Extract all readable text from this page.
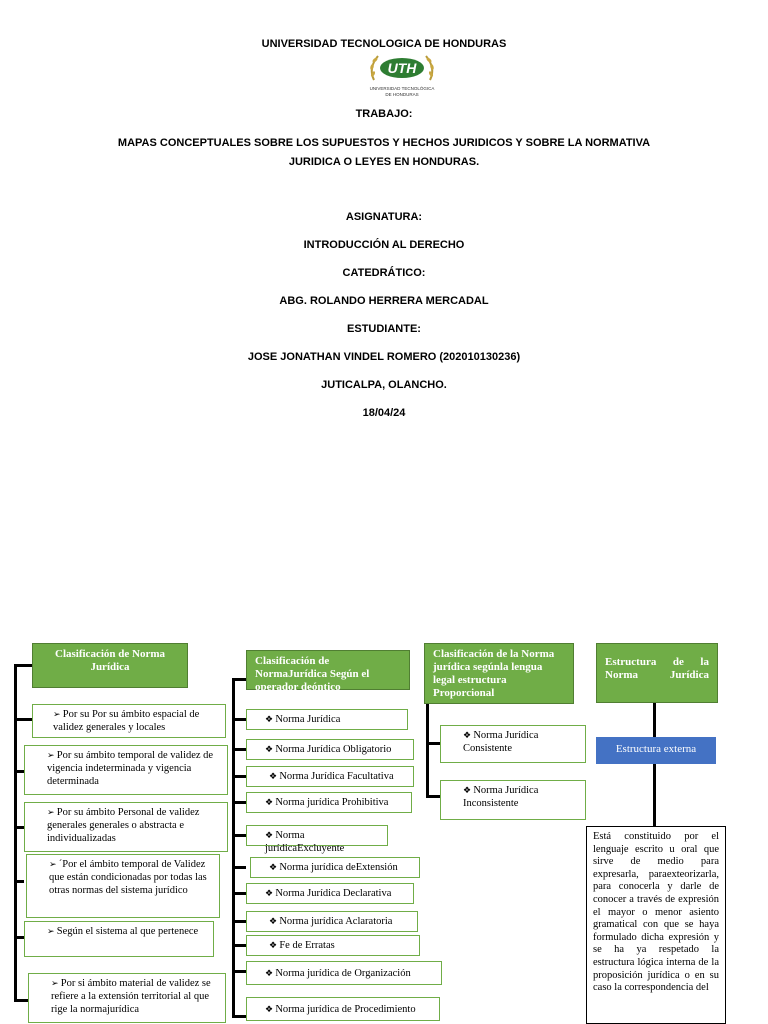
UNIVERSIDAD TECNOLOGICA DE HONDURAS
UTH
UNIVERSIDAD TECNOLÓGICA
DE HONDURAS
TRABAJO:
MAPAS CONCEPTUALES SOBRE LOS SUPUESTOS Y HECHOS JURIDICOS Y SOBRE LA NORMATIVA
JURIDICA O LEYES EN HONDURAS.
ASIGNATURA:
INTRODUCCIÓN AL DERECHO
CATEDRÁTICO:
ABG. ROLANDO HERRERA MERCADAL
ESTUDIANTE:
JOSE JONATHAN VINDEL ROMERO (202010130236)
JUTICALPA, OLANCHO.
18/04/24
Clasificación de Norma Jurídica
➢ Por su Por su ámbito espacial de validez generales y locales
➢ Por su ámbito temporal de validez de vigencia indeterminada y vigencia determinada
➢ Por su ámbito Personal de validez generales generales o abstracta e individualizadas
➢ ´Por el ámbito temporal de Validez que están condicionadas por todas las otras normas del sistema jurídico
➢ Según el sistema al que pertenece
➢ Por si ámbito material de validez se refiere a la extensión territorial al que rige la normajurídica
Clasificación de NormaJurídica Según el operador deóntico
❖ Norma Jurídica
❖ Norma Jurídica Obligatorio
❖ Norma Jurídica Facultativa
❖ Norma jurídica Prohibitiva
❖ Norma jurídicaExcluyente
❖ Norma jurídica deExtensión
❖ Norma Jurídica Declarativa
❖ Norma jurídica Aclaratoria
❖ Fe de Erratas
❖ Norma jurídica de Organización
❖ Norma jurídica de Procedimiento
Clasificación de la Norma jurídica segúnla lengua legal estructura Proporcional
❖ Norma Jurídica Consistente
❖ Norma Jurídica Inconsistente
Estructura de la Norma Jurídica
Estructura externa
Está constituido por el lenguaje escrito u oral que sirve de medio para expresarla, paraexteorizarla, para conocerla y darle de conocer a través de expresión el mayor o menor asiento gramatical con que se haya formulado dicha expresión y se ha ya respetado la estructura lógica interna de la proposición jurídica o en su caso la correspondencia del
